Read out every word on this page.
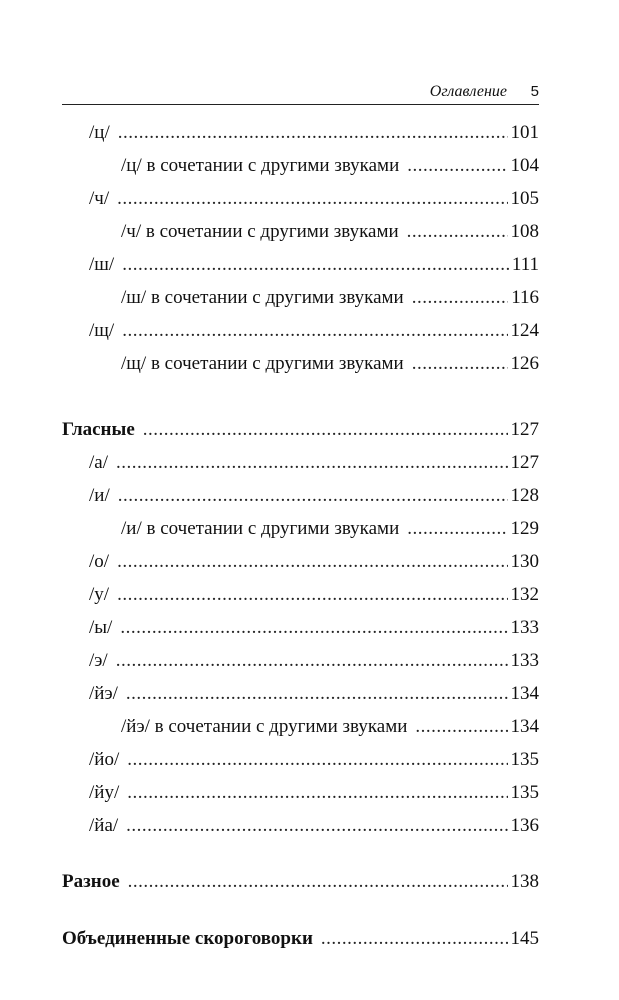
Оглавление 5
/ц/ .....	101
/ц/ в сочетании с другими звуками .....	104
/ч/ .....	105
/ч/ в сочетании с другими звуками .....	108
/ш/ .....	111
/ш/ в сочетании с другими звуками .....	116
/щ/ .....	124
/щ/ в сочетании с другими звуками .....	126
Гласные .....	127
/а/ .....	127
/и/ .....	128
/и/ в сочетании с другими звуками .....	129
/о/ .....	130
/у/ .....	132
/ы/ .....	133
/э/ .....	133
/йэ/ .....	134
/йэ/ в сочетании с другими звуками .....	134
/йо/ .....	135
/йу/ .....	135
/йа/ .....	136
Разное .....	138
Объединенные скороговорки .....	145
